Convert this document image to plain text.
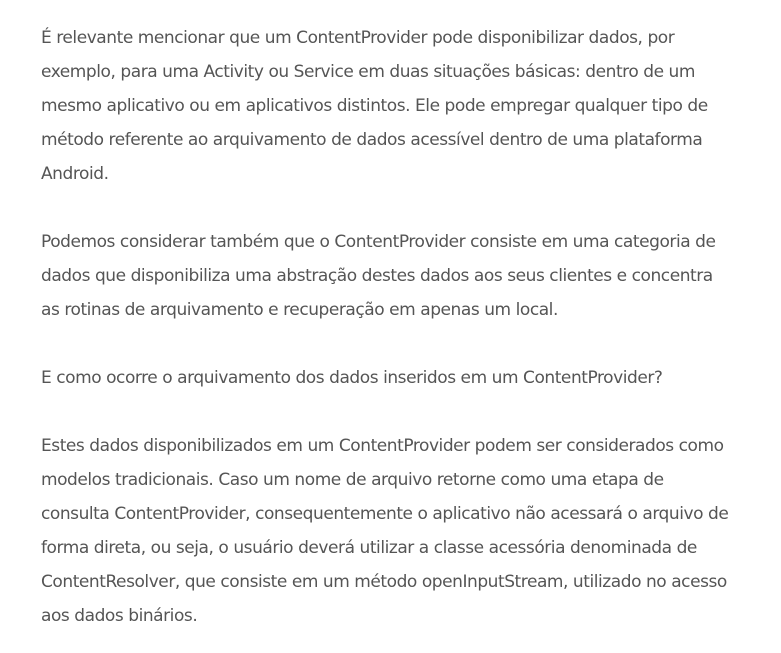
É relevante mencionar que um ContentProvider pode disponibilizar dados, por
exemplo, para uma Activity ou Service em duas situações básicas: dentro de um
mesmo aplicativo ou em aplicativos distintos. Ele pode empregar qualquer tipo de
método referente ao arquivamento de dados acessível dentro de uma plataforma
Android.

Podemos considerar também que o ContentProvider consiste em uma categoria de
dados que disponibiliza uma abstração destes dados aos seus clientes e concentra
as rotinas de arquivamento e recuperação em apenas um local.

E como ocorre o arquivamento dos dados inseridos em um ContentProvider?

Estes dados disponibilizados em um ContentProvider podem ser considerados como
modelos tradicionais. Caso um nome de arquivo retorne como uma etapa de
consulta ContentProvider, consequentemente o aplicativo não acessará o arquivo de
forma direta, ou seja, o usuário deverá utilizar a classe acessória denominada de
ContentResolver, que consiste em um método openInputStream, utilizado no acesso
aos dados binários.
